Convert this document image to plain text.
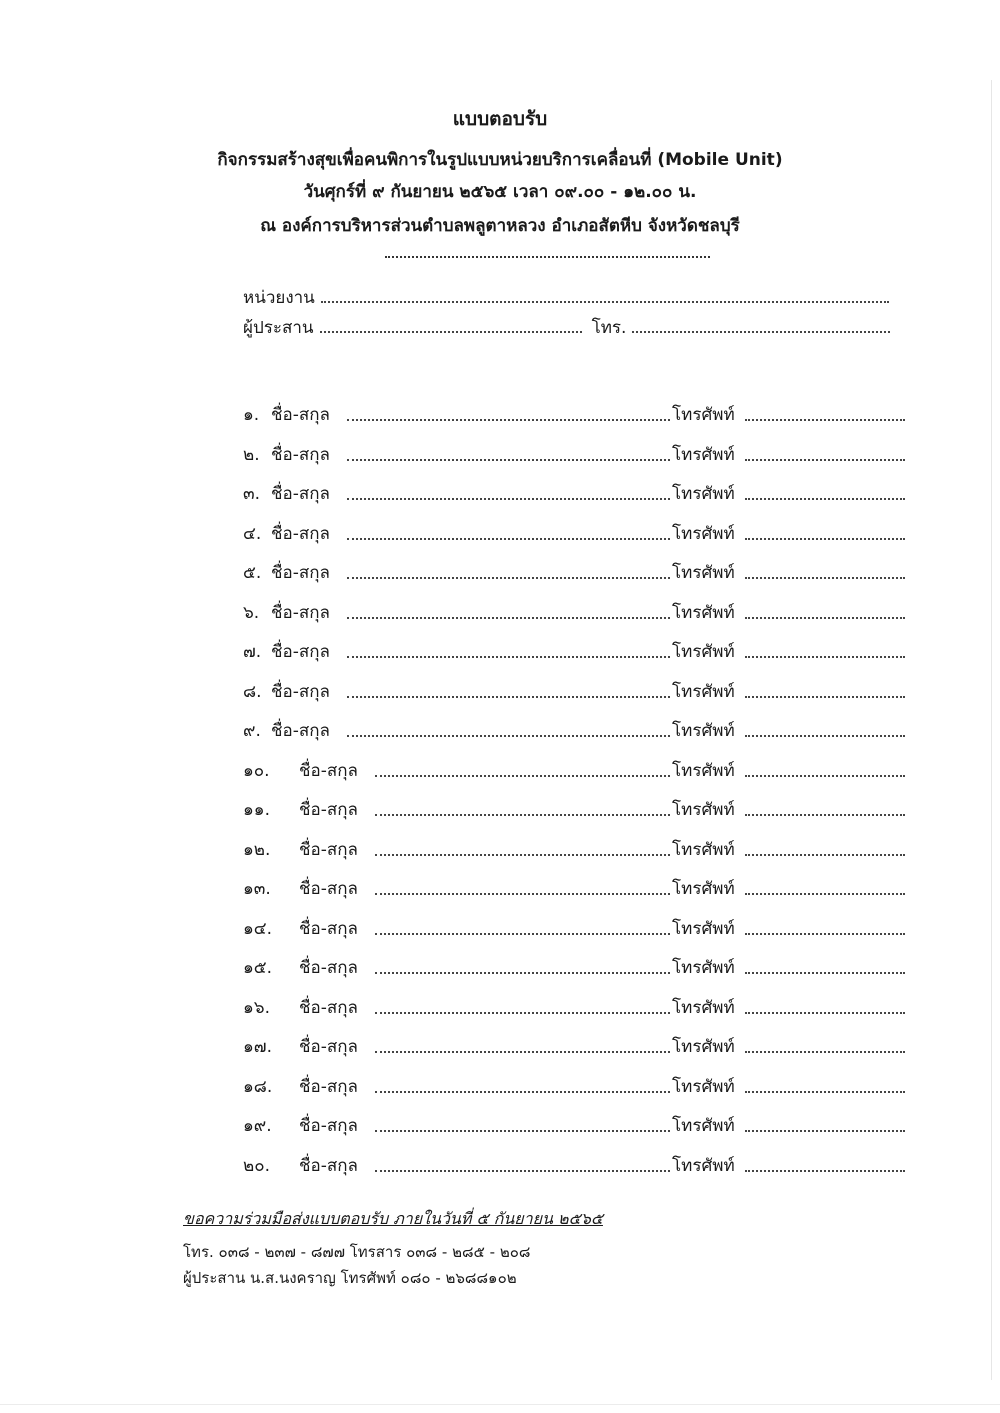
แบบตอบรับ

กิจกรรมสร้างสุขเพื่อคนพิการในรูปแบบหน่วยบริการเคลื่อนที่ (Mobile Unit)

วันศุกร์ที่ ๙ กันยายน ๒๕๖๕ เวลา ๐๙.๐๐ - ๑๒.๐๐ น.

ณ องค์การบริหารส่วนตำบลพลูตาหลวง อำเภอสัตหีบ จังหวัดชลบุรี

หน่วยงาน
ผู้ประสาน	โทร.
๑. ชื่อ-สกุล	โทรศัพท์
๒. ชื่อ-สกุล	โทรศัพท์
๓. ชื่อ-สกุล	โทรศัพท์
๔. ชื่อ-สกุล	โทรศัพท์
๕. ชื่อ-สกุล	โทรศัพท์
๖. ชื่อ-สกุล	โทรศัพท์
๗. ชื่อ-สกุล	โทรศัพท์
๘. ชื่อ-สกุล	โทรศัพท์
๙. ชื่อ-สกุล	โทรศัพท์
๑๐. ชื่อ-สกุล	โทรศัพท์
๑๑. ชื่อ-สกุล	โทรศัพท์
๑๒. ชื่อ-สกุล	โทรศัพท์
๑๓. ชื่อ-สกุล	โทรศัพท์
๑๔. ชื่อ-สกุล	โทรศัพท์
๑๕. ชื่อ-สกุล	โทรศัพท์
๑๖. ชื่อ-สกุล	โทรศัพท์
๑๗. ชื่อ-สกุล	โทรศัพท์
๑๘. ชื่อ-สกุล	โทรศัพท์
๑๙. ชื่อ-สกุล	โทรศัพท์
๒๐. ชื่อ-สกุล	โทรศัพท์

ขอความร่วมมือส่งแบบตอบรับ ภายในวันที่ ๕ กันยายน ๒๕๖๕

โทร. ๐๓๘ - ๒๓๗ - ๘๗๗ โทรสาร ๐๓๘ - ๒๘๕ - ๒๐๘

ผู้ประสาน น.ส.นงคราญ โทรศัพท์ ๐๘๐ - ๒๖๘๘๑๐๒
